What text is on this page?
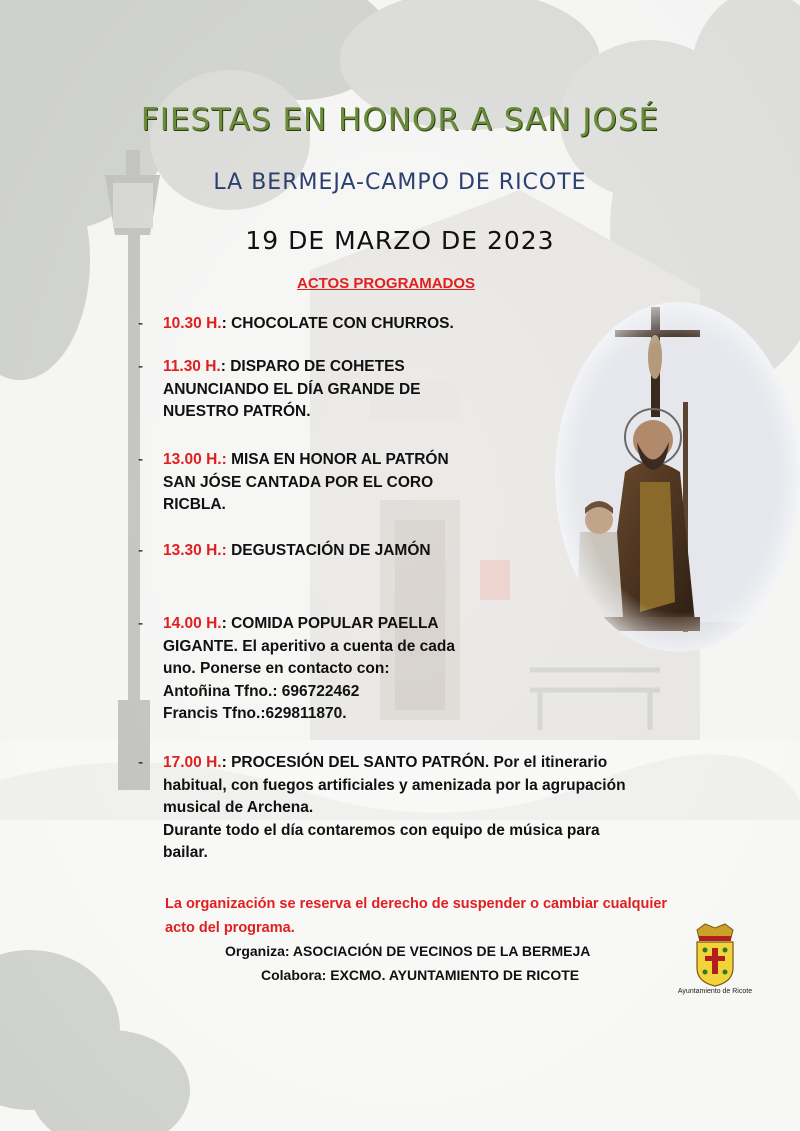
FIESTAS EN HONOR A SAN JOSÉ
LA BERMEJA-CAMPO DE RICOTE
19 DE MARZO DE 2023
ACTOS PROGRAMADOS
- 10.30 H.: CHOCOLATE CON CHURROS.
- 11.30 H.: DISPARO DE COHETES
ANUNCIANDO EL DÍA GRANDE DE
NUESTRO PATRÓN.
- 13.00 H.: MISA EN HONOR AL PATRÓN
SAN JÓSE CANTADA POR EL CORO
RICBLA.
- 13.30 H.: DEGUSTACIÓN DE JAMÓN
- 14.00 H.: COMIDA POPULAR PAELLA
GIGANTE. El aperitivo a cuenta de cada
uno. Ponerse en contacto con:
Antoñina Tfno.: 696722462
Francis Tfno.:629811870.
- 17.00 H.: PROCESIÓN DEL SANTO PATRÓN. Por el itinerario
habitual, con fuegos artificiales y amenizada por la agrupación
musical de Archena.
Durante todo el día contaremos con equipo de música para
bailar.
La organización se reserva el derecho de suspender o cambiar cualquier
acto del programa.
Organiza: ASOCIACIÓN DE VECINOS DE LA BERMEJA
Colabora: EXCMO. AYUNTAMIENTO DE RICOTE
Ayuntamiento de Ricote
